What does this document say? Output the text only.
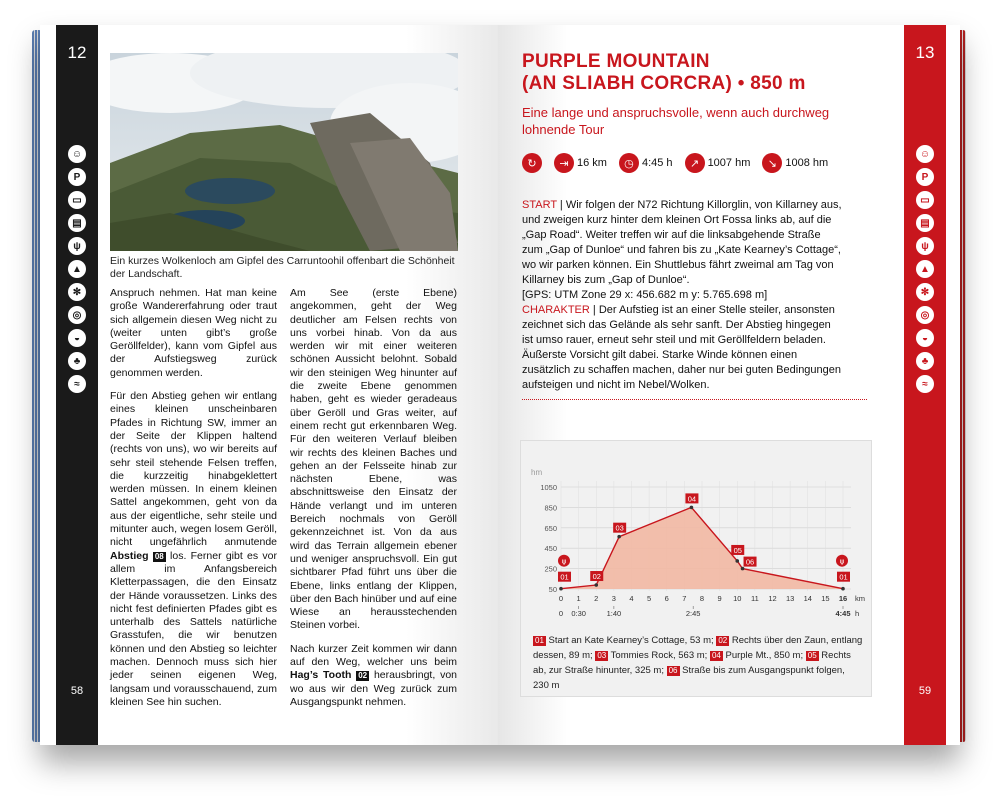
12
☺
P
▭
▤
ψ
▲
✻
◎
◒
♣
≈
58
Ein kurzes Wolkenloch am Gipfel des Carruntoohil offenbart die Schönheit der Landschaft.

Anspruch nehmen. Hat man keine große Wandererfahrung oder traut sich allgemein diesen Weg nicht zu (weiter unten gibt’s große Geröllfelder), kann vom Gipfel aus der Aufstiegsweg zurück genommen werden.

Für den Abstieg gehen wir entlang eines kleinen unscheinbaren Pfades in Richtung SW, immer an der Seite der Klippen haltend (rechts von uns), wo wir bereits auf sehr steil stehende Felsen treffen, die kurzzeitig hinabgeklettert werden müssen. In einem kleinen Sattel angekommen, geht von da aus der eigentliche, sehr steile und mitunter auch, wegen losem Geröll, nicht ungefährlich anmutende Abstieg 08 los. Ferner gibt es vor allem im Anfangsbereich Kletterpassagen, die den Einsatz der Hände voraussetzen. Links des nicht fest definierten Pfades gibt es unterhalb des Sattels natürliche Grasstufen, die wir benutzen können und den Abstieg so leichter machen. Dennoch muss sich hier jeder seinen eigenen Weg, langsam und vorausschauend, zum kleinen See hin suchen.

Am See (erste Ebene) angekommen, geht der Weg deutlicher am Felsen rechts von uns vorbei hinab. Von da aus werden wir mit einer weiteren schönen Aussicht belohnt. Sobald wir den steinigen Weg hinunter auf die zweite Ebene genommen haben, geht es wieder geradeaus über Geröll und Gras weiter, auf einem recht gut erkennbaren Weg. Für den weiteren Verlauf bleiben wir rechts des kleinen Baches und gehen an der Felsseite hinab zur nächsten Ebene, was abschnittsweise den Einsatz der Hände verlangt und im unteren Bereich nochmals von Geröll gekennzeichnet ist. Von da aus wird das Terrain allgemein ebener und weniger anspruchsvoll. Ein gut sichtbarer Pfad führt uns über die Ebene, links entlang der Klippen, über den Bach hinüber und auf eine Wiese an herausstechenden Steinen vorbei.

Nach kurzer Zeit kommen wir dann auf den Weg, welcher uns beim Hag’s Tooth 02 herausbringt, von wo aus wir den Weg zurück zum Ausgangspunkt nehmen.

13
☺
P
▭
▤
ψ
▲
✻
◎
◒
♣
≈
59
PURPLE MOUNTAIN
(AN SLIABH CORCRA) • 850 m
Eine lange und anspruchsvolle, wenn auch durchweg lohnende Tour
↻	⇥ 16 km	◷ 4:45 h	↗ 1007 hm	↘ 1008 hm
START | Wir folgen der N72 Richtung Killorglin, von Killarney aus, und zweigen kurz hinter dem kleinen Ort Fossa links ab, auf die „Gap Road“. Weiter treffen wir auf die linksabgehende Straße zum „Gap of Dunloe“ und fahren bis zu „Kate Kearney’s Cottage“, wo wir parken können. Ein Shuttlebus fährt zweimal am Tag von Killarney bis zum „Gap of Dunloe“.
[GPS: UTM Zone 29 x: 456.682 m y: 5.765.698 m]
CHARAKTER | Der Aufstieg ist an einer Stelle steiler, ansonsten zeichnet sich das Gelände als sehr sanft. Der Abstieg hingegen ist umso rauer, erneut sehr steil und mit Geröllfeldern beladen. Äußerste Vorsicht gilt dabei. Starke Winde können einen zusätzlich zu schaffen machen, daher nur bei guten Bedingungen aufsteigen und nicht im Nebel/Wolken.
hm
50
250
450
650
850
1050
0 1 2 3 4 5 6 7 8 9 10 11 12 13 14 15 16 km
0 0:30	1:40	2:45	4:45 h
01	02
03
04
05
06
01
ψ	ψ
01 Start an Kate Kearney’s Cottage, 53 m; 02 Rechts über den Zaun, entlang dessen, 89 m; 03 Tommies Rock, 563 m; 04 Purple Mt., 850 m; 05 Rechts ab, zur Straße hinunter, 325 m; 06 Straße bis zum Ausgangspunkt folgen, 230 m
